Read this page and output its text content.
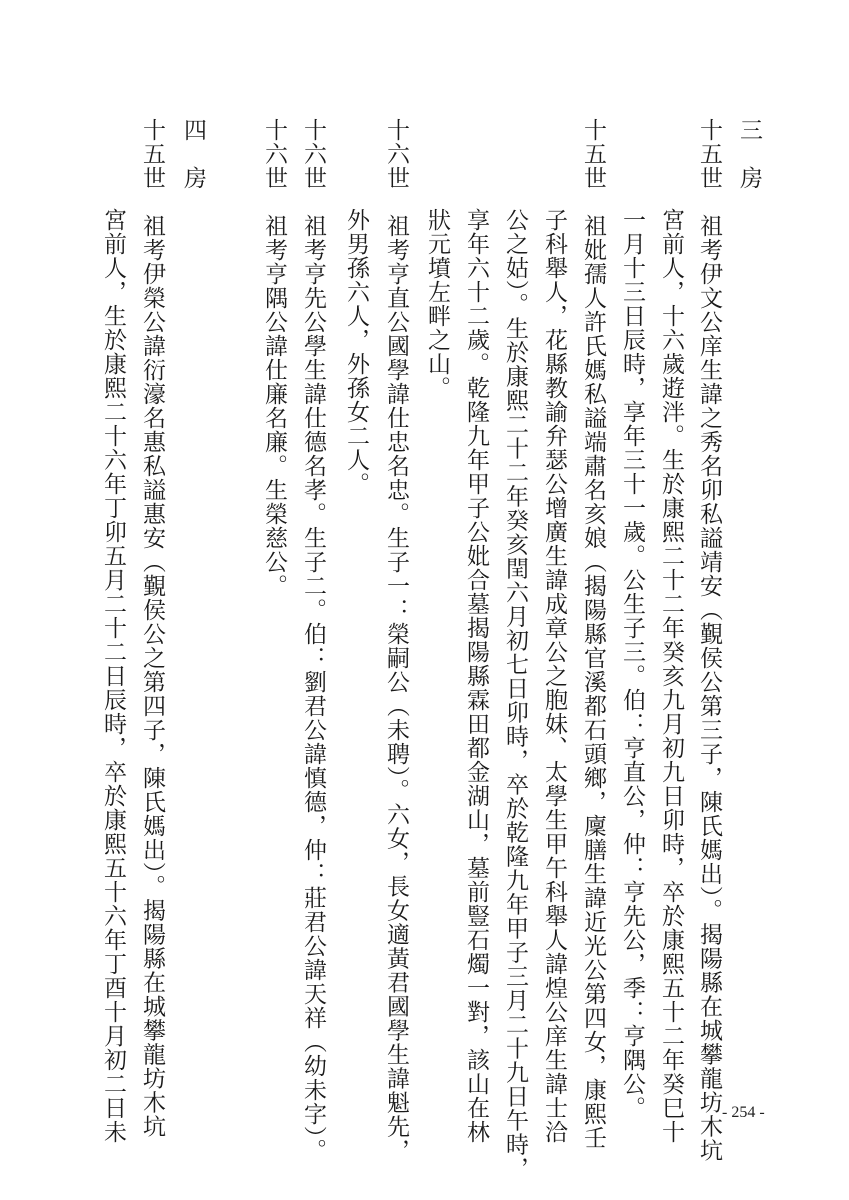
三　房
十五世　祖考伊文公庠生諱之秀名卯私謚靖安（覲侯公第三子，陳氏媽出）。揭陽縣在城攀龍坊木坑
宮前人，十六歲逰泮。生於康熙二十二年癸亥九月初九日卯時，卒於康熙五十二年癸巳十
一月十三日辰時，享年三十一歲。公生子三。伯：亨直公，仲：亨先公，季：亨隅公。
十五世　祖妣孺人許氏媽私謚端肅名亥娘（揭陽縣官溪都石頭鄉，廩膳生諱近光公第四女，康熙壬
子科舉人，花縣教諭弁瑟公增廣生諱成章公之胞妹、太學生甲午科舉人諱煌公庠生諱士洽
公之姑）。生於康熙二十二年癸亥閏六月初七日卯時，卒於乾隆九年甲子三月二十九日午時，
享年六十二歲。乾隆九年甲子公妣合墓揭陽縣霖田都金湖山，墓前豎石燭一對，該山在林
狀元墳左畔之山。
十六世　祖考亨直公國學諱仕忠名忠。生子一：榮嗣公（未聘）。六女，長女適黃君國學生諱魁先，
外男孫六人，外孫女二人。
十六世　祖考亨先公學生諱仕德名孝。生子二。伯：劉君公諱慎德，仲：莊君公諱天祥（幼未字）。
十六世　祖考亨隅公諱仕廉名廉。生榮慈公。
四　房
十五世　祖考伊榮公諱衍濠名惠私謚惠安（覲侯公之第四子，陳氏媽出）。揭陽縣在城攀龍坊木坑
宮前人，生於康熙二十六年丁卯五月二十二日辰時，卒於康熙五十六年丁酉十月初二日未	- 254 -
